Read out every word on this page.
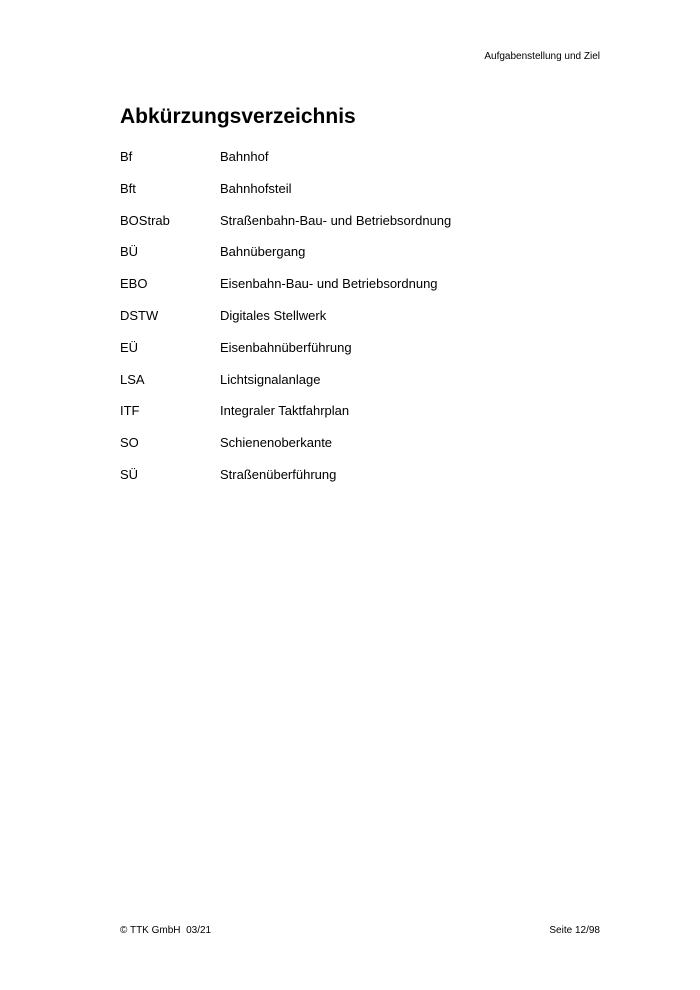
Aufgabenstellung und Ziel
Abkürzungsverzeichnis
Bf	Bahnhof
Bft	Bahnhofsteil
BOStrab	Straßenbahn-Bau- und Betriebsordnung
BÜ	Bahnübergang
EBO	Eisenbahn-Bau- und Betriebsordnung
DSTW	Digitales Stellwerk
EÜ	Eisenbahnüberführung
LSA	Lichtsignalanlage
ITF	Integraler Taktfahrplan
SO	Schienenoberkante
SÜ	Straßenüberführung
© TTK GmbH  03/21	Seite 12/98
